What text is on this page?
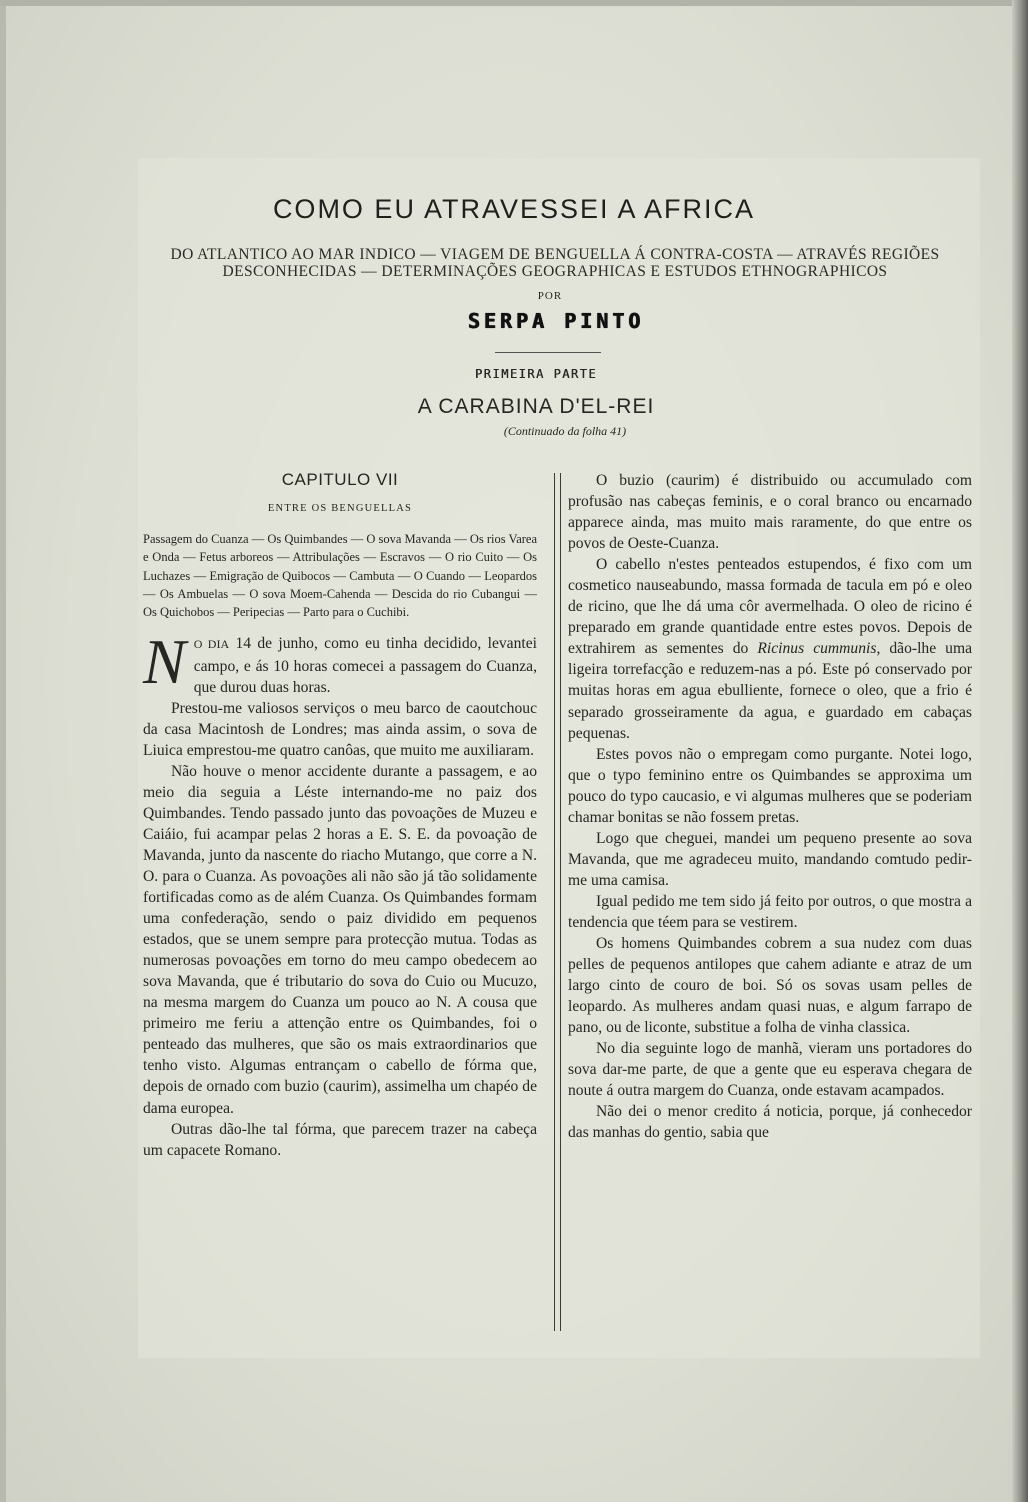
COMO EU ATRAVESSEI A AFRICA
DO ATLANTICO AO MAR INDICO — VIAGEM DE BENGUELLA Á CONTRA-COSTA — ATRAVÉS REGIÕES
DESCONHECIDAS — DETERMINAÇÕES GEOGRAPHICAS E ESTUDOS ETHNOGRAPHICOS
POR
SERPA PINTO
PRIMEIRA PARTE
A CARABINA D'EL-REI
(Continuado da folha 41)

CAPITULO VII

ENTRE OS BENGUELLAS

Passagem do Cuanza — Os Quimbandes — O sova Mavanda — Os rios Varea e Onda — Fetus arboreos — Attribulações — Escravos — O rio Cuito — Os Luchazes — Emigração de Quibocos — Cambuta — O Cuando — Leopardos — Os Ambuelas — O sova Moem-Cahenda — Descida do rio Cubangui — Os Quichobos — Peripecias — Parto para o Cuchibi.

N O DIA 14 de junho, como eu tinha decidido, levantei campo, e ás 10 horas comecei a passagem do Cuanza, que durou duas horas.

Prestou-me valiosos serviços o meu barco de caoutchouc da casa Macintosh de Londres; mas ainda assim, o sova de Liuica emprestou-me quatro canôas, que muito me auxiliaram.

Não houve o menor accidente durante a passagem, e ao meio dia seguia a Léste internando-me no paiz dos Quimbandes. Tendo passado junto das povoações de Muzeu e Caiáio, fui acampar pelas 2 horas a E. S. E. da povoação de Mavanda, junto da nascente do riacho Mutango, que corre a N. O. para o Cuanza. As povoações ali não são já tão solidamente fortificadas como as de além Cuanza. Os Quimbandes formam uma confederação, sendo o paiz dividido em pequenos estados, que se unem sempre para protecção mutua. Todas as numerosas povoações em torno do meu campo obedecem ao sova Mavanda, que é tributario do sova do Cuio ou Mucuzo, na mesma margem do Cuanza um pouco ao N. A cousa que primeiro me feriu a attenção entre os Quimbandes, foi o penteado das mulheres, que são os mais extraordinarios que tenho visto. Algumas entrançam o cabello de fórma que, depois de ornado com buzio (caurim), assimelha um chapéo de dama europea.

Outras dão-lhe tal fórma, que parecem trazer na cabeça um capacete Romano.

O buzio (caurim) é distribuido ou accumulado com profusão nas cabeças feminis, e o coral branco ou encarnado apparece ainda, mas muito mais raramente, do que entre os povos de Oeste-Cuanza.

O cabello n'estes penteados estupendos, é fixo com um cosmetico nauseabundo, massa formada de tacula em pó e oleo de ricino, que lhe dá uma côr avermelhada. O oleo de ricino é preparado em grande quantidade entre estes povos. Depois de extrahirem as sementes do Ricinus cummunis, dão-lhe uma ligeira torrefacção e reduzem-nas a pó. Este pó conservado por muitas horas em agua ebulliente, fornece o oleo, que a frio é separado grosseiramente da agua, e guardado em cabaças pequenas.

Estes povos não o empregam como purgante. Notei logo, que o typo feminino entre os Quimbandes se approxima um pouco do typo caucasio, e vi algumas mulheres que se poderiam chamar bonitas se não fossem pretas.

Logo que cheguei, mandei um pequeno presente ao sova Mavanda, que me agradeceu muito, mandando comtudo pedir-me uma camisa.

Igual pedido me tem sido já feito por outros, o que mostra a tendencia que téem para se vestirem.

Os homens Quimbandes cobrem a sua nudez com duas pelles de pequenos antilopes que cahem adiante e atraz de um largo cinto de couro de boi. Só os sovas usam pelles de leopardo. As mulheres andam quasi nuas, e algum farrapo de pano, ou de liconte, substitue a folha de vinha classica.

No dia seguinte logo de manhã, vieram uns portadores do sova dar-me parte, de que a gente que eu esperava chegara de noute á outra margem do Cuanza, onde estavam acampados.

Não dei o menor credito á noticia, porque, já conhecedor das manhas do gentio, sabia que
